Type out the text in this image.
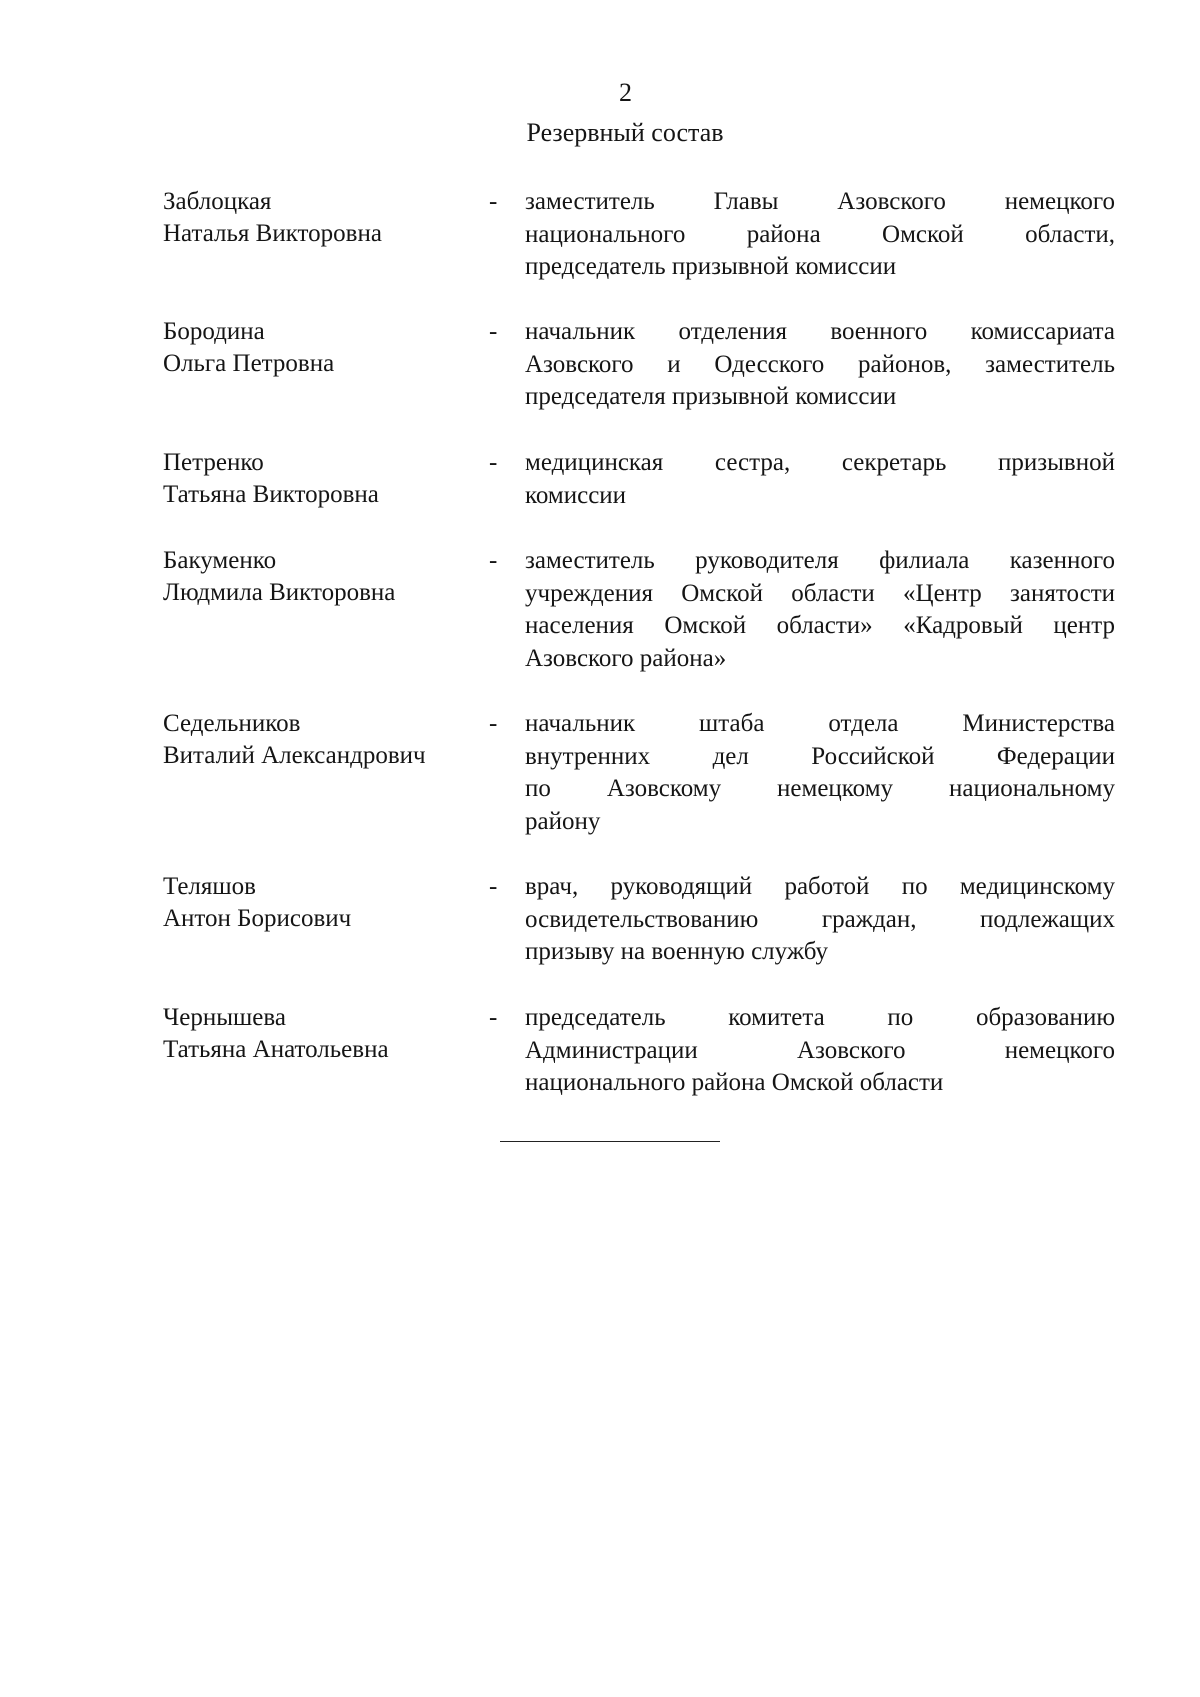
2
Резервный состав
Заблоцкая
Наталья Викторовна
- заместитель Главы Азовского немецкого
национального района Омской области,
председатель призывной комиссии
Бородина
Ольга Петровна
- начальник отделения военного комиссариата
Азовского и Одесского районов, заместитель
председателя призывной комиссии
Петренко
Татьяна Викторовна
- медицинская сестра, секретарь призывной
комиссии
Бакуменко
Людмила Викторовна
- заместитель руководителя филиала казенного
учреждения Омской области «Центр занятости
населения Омской области» «Кадровый центр
Азовского района»
Седельников
Виталий Александрович
- начальник штаба отдела Министерства
внутренних дел Российской Федерации
по Азовскому немецкому национальному
району
Теляшов
Антон Борисович
- врач, руководящий работой по медицинскому
освидетельствованию граждан, подлежащих
призыву на военную службу
Чернышева
Татьяна Анатольевна
- председатель комитета по образованию
Администрации Азовского немецкого
национального района Омской области
